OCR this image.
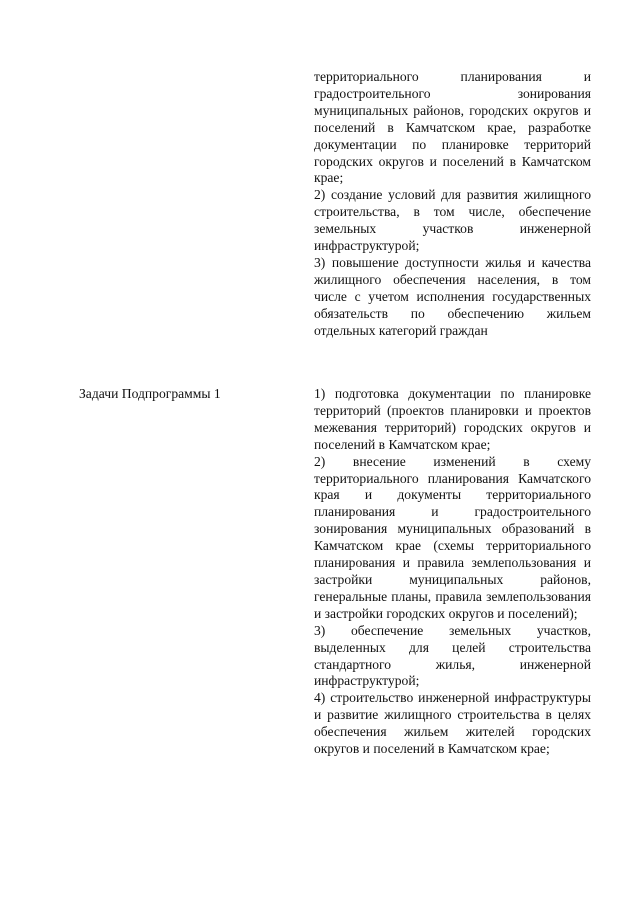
территориального планирования и градостроительного зонирования муниципальных районов, городских округов и поселений в Камчатском крае, разработке документации по планировке территорий городских округов и поселений в Камчатском крае;

2) создание условий для развития жилищного строительства, в том числе, обеспечение земельных участков инженерной инфраструктурой;

3) повышение доступности жилья и качества жилищного обеспечения населения, в том числе с учетом исполнения государственных обязательств по обеспечению жильем отдельных категорий граждан

Задачи Подпрограммы 1	1) подготовка документации по планировке территорий (проектов планировки и проектов межевания территорий) городских округов и поселений в Камчатском крае;

2) внесение изменений в схему территориального планирования Камчатского края и документы территориального планирования и градостроительного зонирования муниципальных образований в Камчатском крае (схемы территориального планирования и правила землепользования и застройки муниципальных районов, генеральные планы, правила землепользования и застройки городских округов и поселений);

3) обеспечение земельных участков, выделенных для целей строительства стандартного жилья, инженерной инфраструктурой;

4) строительство инженерной инфраструктуры и развитие жилищного строительства в целях обеспечения жильем жителей городских округов и поселений в Камчатском крае;
